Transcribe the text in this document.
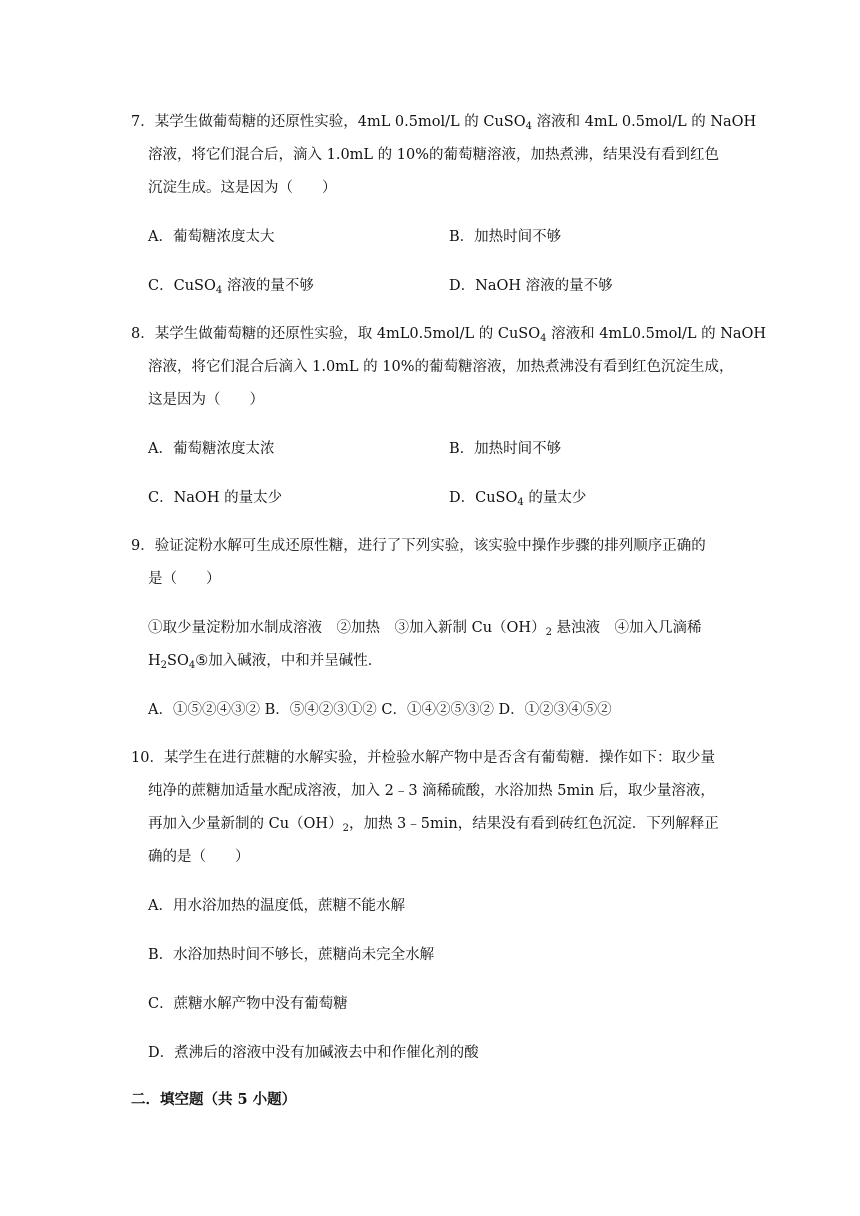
7．某学生做葡萄糖的还原性实验，4mL 0.5mol/L 的 CuSO$_4$ 溶液和 4mL 0.5mol/L 的 NaOH
溶液，将它们混合后，滴入 1.0mL 的 10%的葡萄糖溶液，加热煮沸，结果没有看到红色
沉淀生成。这是因为（　　）
A．葡萄糖浓度太大	B．加热时间不够
C．CuSO$_4$ 溶液的量不够	D．NaOH 溶液的量不够
8．某学生做葡萄糖的还原性实验，取 4mL0.5mol/L 的 CuSO$_4$ 溶液和 4mL0.5mol/L 的 NaOH
溶液，将它们混合后滴入 1.0mL 的 10%的葡萄糖溶液，加热煮沸没有看到红色沉淀生成，
这是因为（　　）
A．葡萄糖浓度太浓	B．加热时间不够
C．NaOH 的量太少	D．CuSO$_4$ 的量太少
9．验证淀粉水解可生成还原性糖，进行了下列实验，该实验中操作步骤的排列顺序正确的
是（　　）
①取少量淀粉加水制成溶液　②加热　③加入新制 $Cu(OH)_2$ 悬浊液　④加入几滴稀
$H_2SO_4⑤$加入碱液，中和并呈碱性．
A．①⑤②④③② B．⑤④②③①② C．①④②⑤③② D．①②③④⑤②
10．某学生在进行蔗糖的水解实验，并检验水解产物中是否含有葡萄糖．操作如下：取少量
纯净的蔗糖加适量水配成溶液，加入 2﹣3 滴稀硫酸，水浴加热 5min 后，取少量溶液，
再加入少量新制的 $Cu(OH)_2$，加热 3﹣5min，结果没有看到砖红色沉淀．下列解释正
确的是（　　）
A．用水浴加热的温度低，蔗糖不能水解
B．水浴加热时间不够长，蔗糖尚未完全水解
C．蔗糖水解产物中没有葡萄糖
D．煮沸后的溶液中没有加碱液去中和作催化剂的酸
二．填空题（共 5 小题）
